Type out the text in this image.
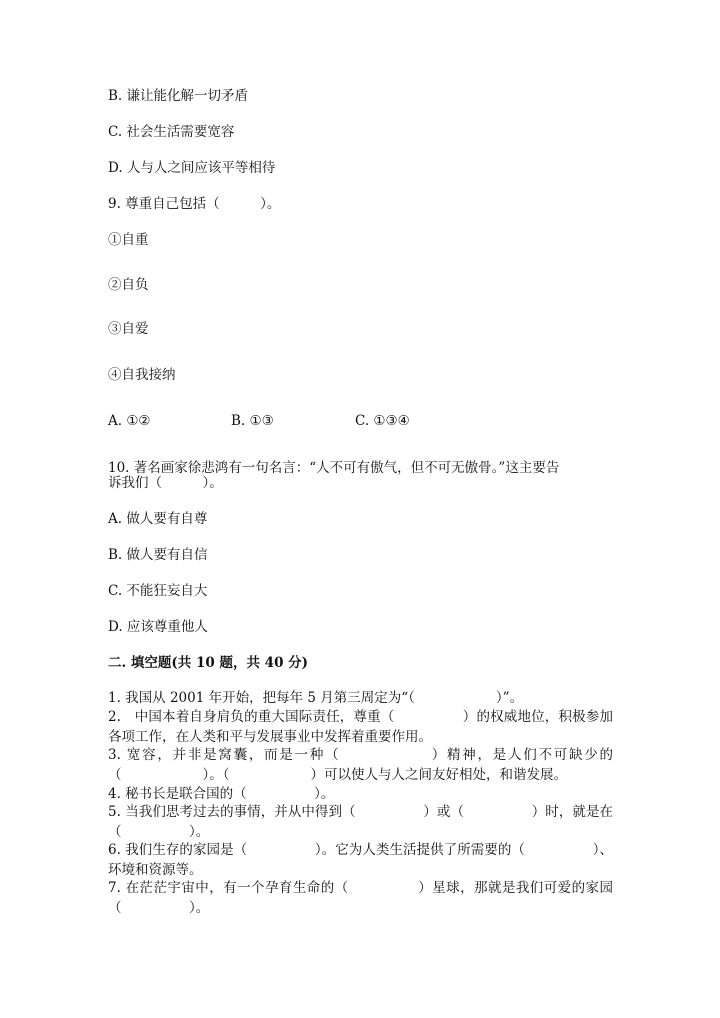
B. 谦让能化解一切矛盾
C. 社会生活需要宽容
D. 人与人之间应该平等相待
9. 尊重自己包括（　　　）。
①自重
②自负
③自爱
④自我接纳
A. ①②	B. ①③	C. ①③④
10. 著名画家徐悲鸿有一句名言：“人不可有傲气，但不可无傲骨。”这主要告
诉我们（　　　）。
A. 做人要有自尊
B. 做人要有自信
C. 不能狂妄自大
D. 应该尊重他人
二. 填空题(共 10 题，共 40 分)
1. 我国从 2001 年开始，把每年 5 月第三周定为“（　　　　　　）”。
2.　中国本着自身肩负的重大国际责任，尊重（　　　　　）的权威地位，积极参加各项工作，在人类和平与发展事业中发挥着重要作用。
3. 宽容，并非是窝囊，而是一种（　　　　　　）精神，是人们不可缺少的（　　　　　　）。（　　　　　　）可以使人与人之间友好相处，和谐发展。
4. 秘书长是联合国的（　　　　　）。
5. 当我们思考过去的事情，并从中得到（　　　　　）或（　　　　　）时，就是在（　　　　　）。
6. 我们生存的家园是（　　　　　）。它为人类生活提供了所需要的（　　　　　）、环境和资源等。
7. 在茫茫宇宙中，有一个孕育生命的（　　　　　）星球，那就是我们可爱的家园（　　　　　）。
